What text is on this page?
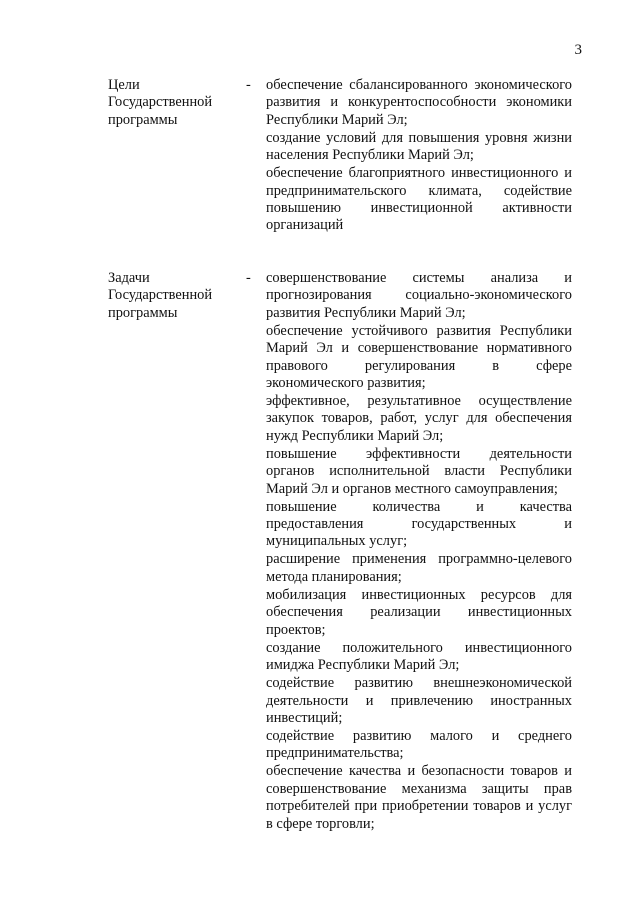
3
Цели Государственной программы
- обеспечение сбалансированного экономического развития и конкурентоспособности экономики Республики Марий Эл;
создание условий для повышения уровня жизни населения Республики Марий Эл;
обеспечение благоприятного инвестиционного и предпринимательского климата, содействие повышению инвестиционной активности организаций
Задачи Государственной программы
- совершенствование системы анализа и прогнозирования социально-экономического развития Республики Марий Эл;
обеспечение устойчивого развития Республики Марий Эл и совершенствование нормативного правового регулирования в сфере экономического развития;
эффективное, результативное осуществление закупок товаров, работ, услуг для обеспечения нужд Республики Марий Эл;
повышение эффективности деятельности органов исполнительной власти Республики Марий Эл и органов местного самоуправления;
повышение количества и качества предоставления государственных и муниципальных услуг;
расширение применения программно-целевого метода планирования;
мобилизация инвестиционных ресурсов для обеспечения реализации инвестиционных проектов;
создание положительного инвестиционного имиджа Республики Марий Эл;
содействие развитию внешнеэкономической деятельности и привлечению иностранных инвестиций;
содействие развитию малого и среднего предпринимательства;
обеспечение качества и безопасности товаров и совершенствование механизма защиты прав потребителей при приобретении товаров и услуг в сфере торговли;
